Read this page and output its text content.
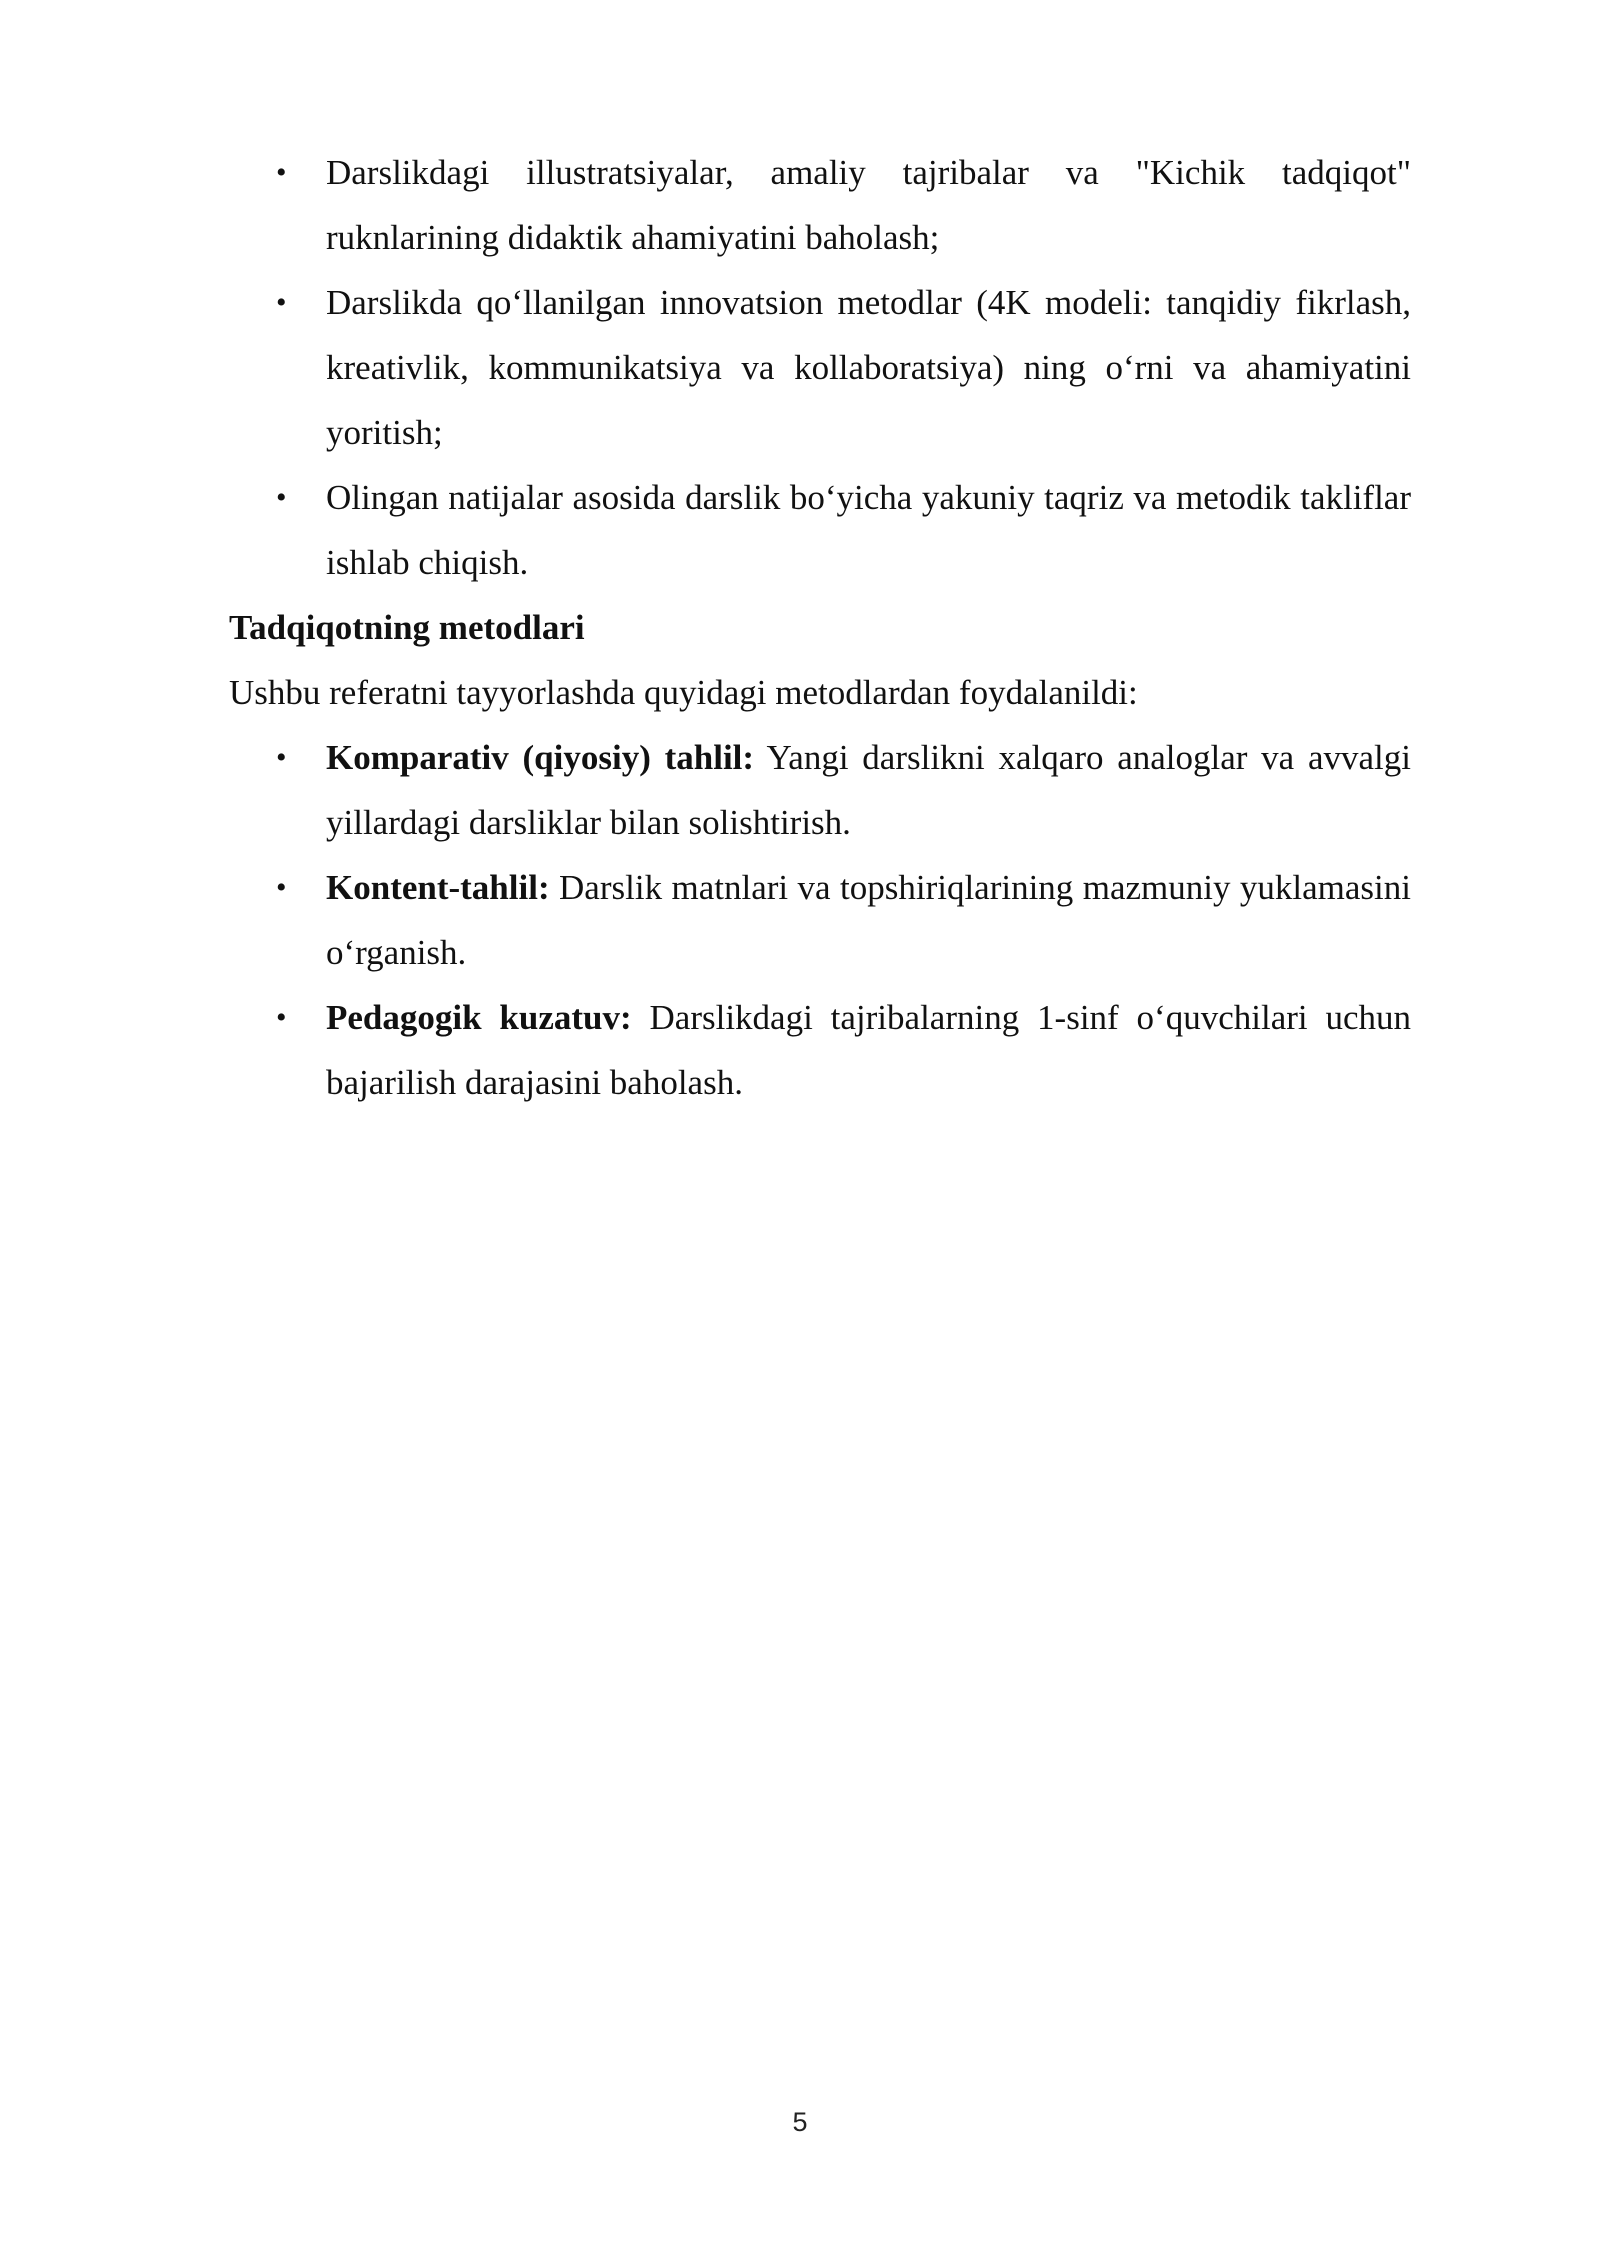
• Darslikdagi illustratsiyalar, amaliy tajribalar va "Kichik tadqiqot" ruknlarining didaktik ahamiyatini baholash;
• Darslikda qo‘llanilgan innovatsion metodlar (4K modeli: tanqidiy fikrlash, kreativlik, kommunikatsiya va kollaboratsiya) ning o‘rni va ahamiyatini yoritish;
• Olingan natijalar asosida darslik bo‘yicha yakuniy taqriz va metodik takliflar ishlab chiqish.

Tadqiqotning metodlari

Ushbu referatni tayyorlashda quyidagi metodlardan foydalanildi:

• Komparativ (qiyosiy) tahlil: Yangi darslikni xalqaro analoglar va avvalgi yillardagi darsliklar bilan solishtirish.
• Kontent-tahlil: Darslik matnlari va topshiriqlarining mazmuniy yuklamasini o‘rganish.
• Pedagogik kuzatuv: Darslikdagi tajribalarning 1-sinf o‘quvchilari uchun bajarilish darajasini baholash.
5
